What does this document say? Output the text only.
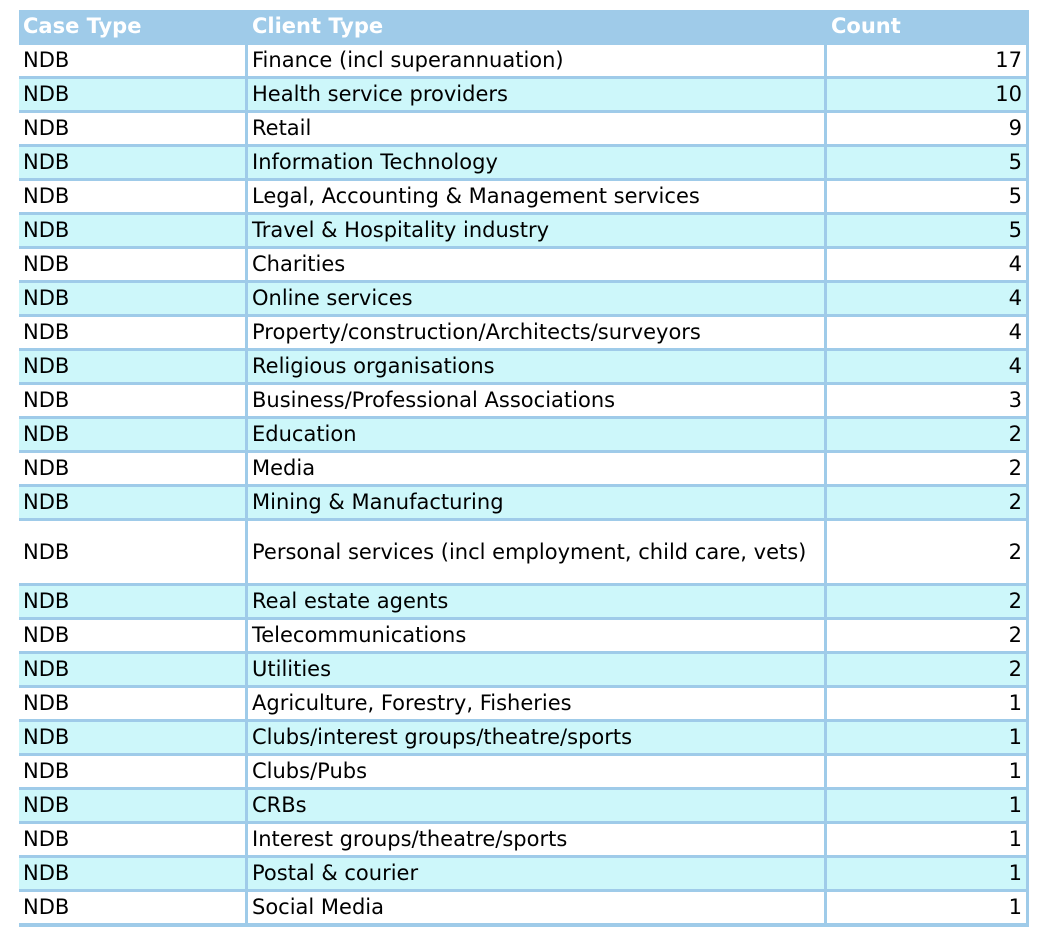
Case Type	Client Type	Count
NDB	Finance (incl superannuation)	17
NDB	Health service providers	10
NDB	Retail	9
NDB	Information Technology	5
NDB	Legal, Accounting & Management services	5
NDB	Travel & Hospitality industry	5
NDB	Charities	4
NDB	Online services	4
NDB	Property/construction/Architects/surveyors	4
NDB	Religious organisations	4
NDB	Business/Professional Associations	3
NDB	Education	2
NDB	Media	2
NDB	Mining & Manufacturing	2
NDB	Personal services (incl employment, child care, vets)	2
NDB	Real estate agents	2
NDB	Telecommunications	2
NDB	Utilities	2
NDB	Agriculture, Forestry, Fisheries	1
NDB	Clubs/interest groups/theatre/sports	1
NDB	Clubs/Pubs	1
NDB	CRBs	1
NDB	Interest groups/theatre/sports	1
NDB	Postal & courier	1
NDB	Social Media	1
